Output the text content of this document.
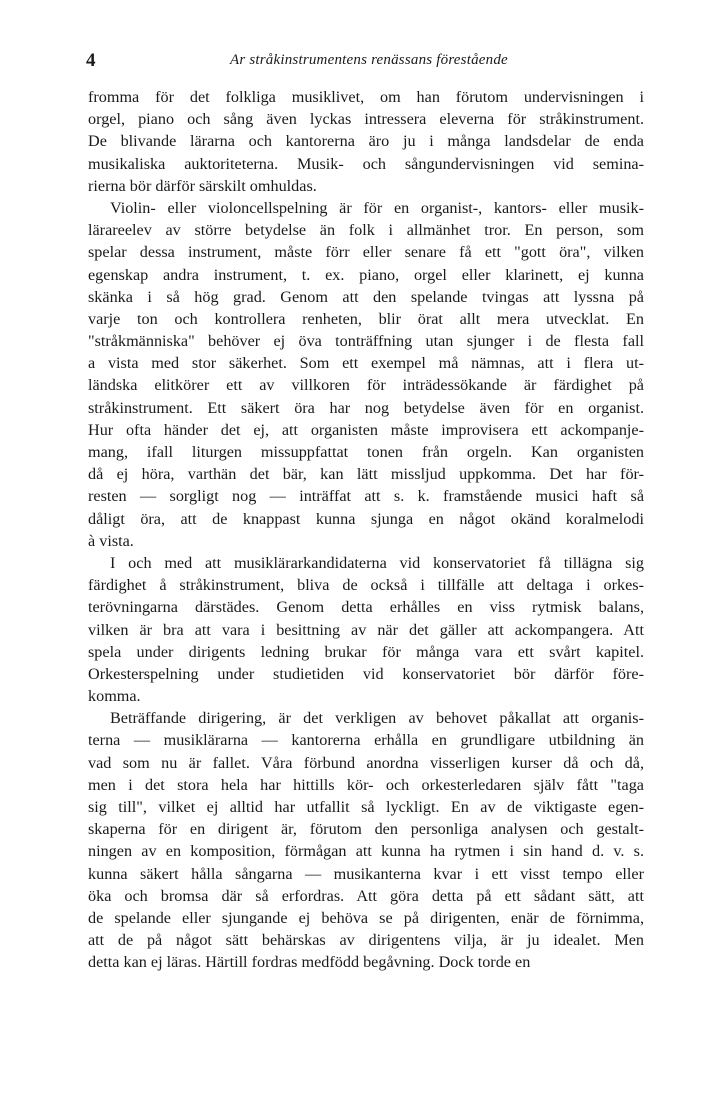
4	Ar stråkinstrumentens renässans förestående
fromma för det folkliga musiklivet, om han förutom undervisningen i
orgel, piano och sång även lyckas intressera eleverna för stråkinstrument.
De blivande lärarna och kantorerna äro ju i många landsdelar de enda
musikaliska auktoriteterna. Musik- och sångundervisningen vid semina-
rierna bör därför särskilt omhuldas.
Violin- eller violoncellspelning är för en organist-, kantors- eller musik-
lärareelev av större betydelse än folk i allmänhet tror. En person, som
spelar dessa instrument, måste förr eller senare få ett "gott öra", vilken
egenskap andra instrument, t. ex. piano, orgel eller klarinett, ej kunna
skänka i så hög grad. Genom att den spelande tvingas att lyssna på
varje ton och kontrollera renheten, blir örat allt mera utvecklat. En
"stråkmänniska" behöver ej öva tonträffning utan sjunger i de flesta fall
a vista med stor säkerhet. Som ett exempel må nämnas, att i flera ut-
ländska elitkörer ett av villkoren för inträdessökande är färdighet på
stråkinstrument. Ett säkert öra har nog betydelse även för en organist.
Hur ofta händer det ej, att organisten måste improvisera ett ackompanje-
mang, ifall liturgen missuppfattat tonen från orgeln. Kan organisten
då ej höra, varthän det bär, kan lätt missljud uppkomma. Det har för-
resten — sorgligt nog — inträffat att s. k. framstående musici haft så
dåligt öra, att de knappast kunna sjunga en något okänd koralmelodi
à vista.
I och med att musiklärarkandidaterna vid konservatoriet få tillägna sig
färdighet å stråkinstrument, bliva de också i tillfälle att deltaga i orkes-
terövningarna därstädes. Genom detta erhålles en viss rytmisk balans,
vilken är bra att vara i besittning av när det gäller att ackompangera. Att
spela under dirigents ledning brukar för många vara ett svårt kapitel.
Orkesterspelning under studietiden vid konservatoriet bör därför före-
komma.
Beträffande dirigering, är det verkligen av behovet påkallat att organis-
terna — musiklärarna — kantorerna erhålla en grundligare utbildning än
vad som nu är fallet. Våra förbund anordna visserligen kurser då och då,
men i det stora hela har hittills kör- och orkesterledaren själv fått "taga
sig till", vilket ej alltid har utfallit så lyckligt. En av de viktigaste egen-
skaperna för en dirigent är, förutom den personliga analysen och gestalt-
ningen av en komposition, förmågan att kunna ha rytmen i sin hand d. v. s.
kunna säkert hålla sångarna — musikanterna kvar i ett visst tempo eller
öka och bromsa där så erfordras. Att göra detta på ett sådant sätt, att
de spelande eller sjungande ej behöva se på dirigenten, enär de förnimma,
att de på något sätt behärskas av dirigentens vilja, är ju idealet. Men
detta kan ej läras. Härtill fordras medfödd begåvning. Dock torde en
